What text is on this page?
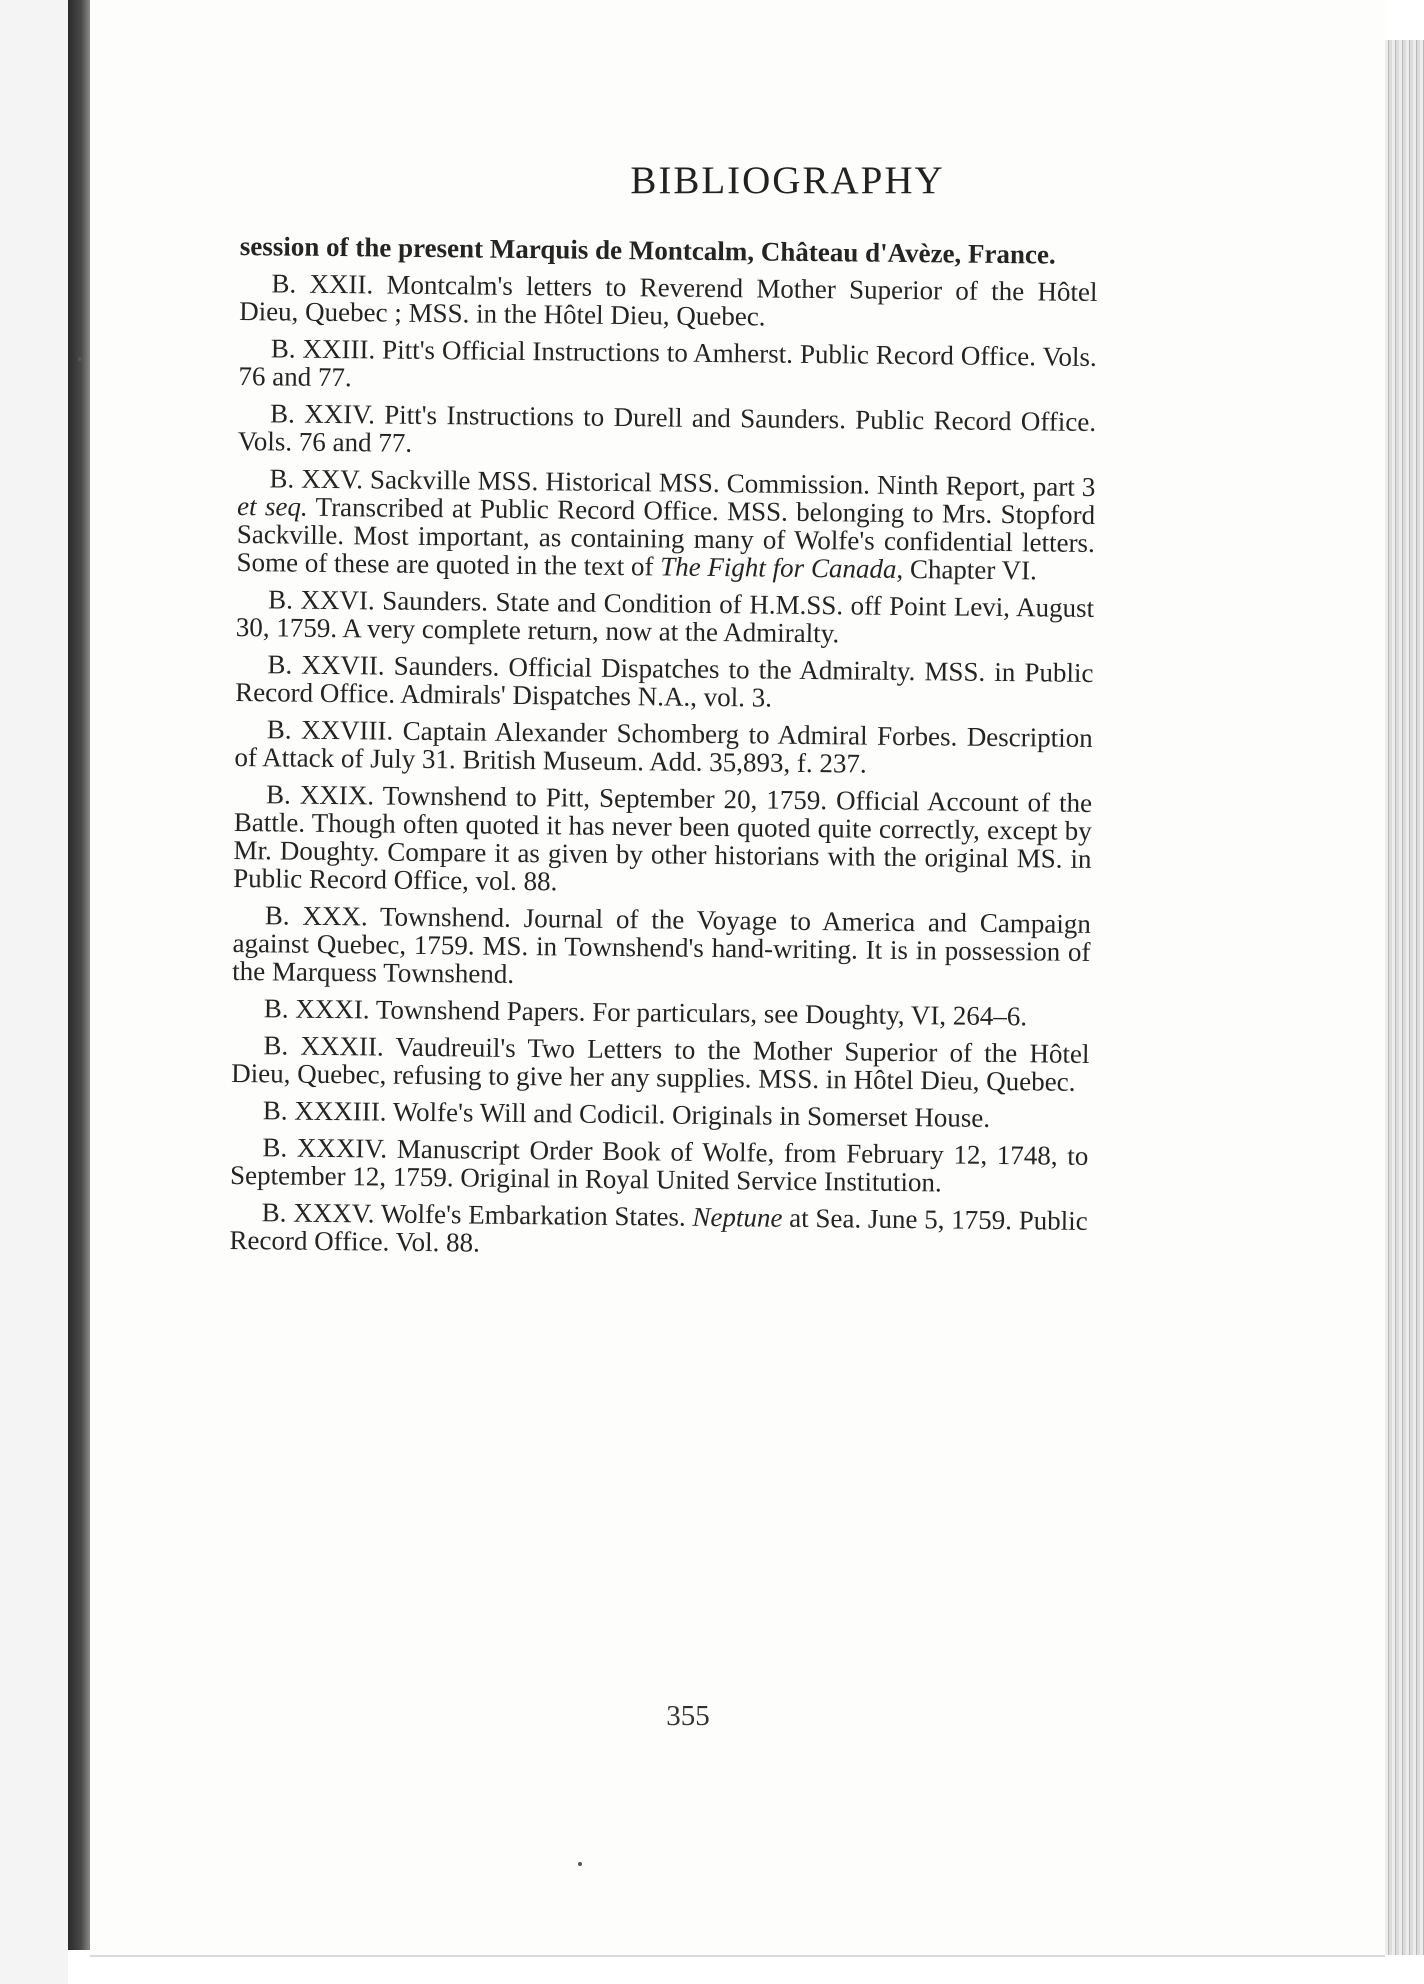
BIBLIOGRAPHY

session of the present Marquis de Montcalm, Château d'Avèze, France.

B. XXII. Montcalm's letters to Reverend Mother Superior of the Hôtel Dieu, Quebec ; MSS. in the Hôtel Dieu, Quebec.

B. XXIII. Pitt's Official Instructions to Amherst. Public Record Office. Vols. 76 and 77.

B. XXIV. Pitt's Instructions to Durell and Saunders. Public Record Office. Vols. 76 and 77.

B. XXV. Sackville MSS. Historical MSS. Commission. Ninth Report, part 3 et seq. Transcribed at Public Record Office. MSS. belonging to Mrs. Stopford Sackville. Most important, as containing many of Wolfe's confidential letters. Some of these are quoted in the text of The Fight for Canada, Chapter VI.

B. XXVI. Saunders. State and Condition of H.M.SS. off Point Levi, August 30, 1759. A very complete return, now at the Admiralty.

B. XXVII. Saunders. Official Dispatches to the Admiralty. MSS. in Public Record Office. Admirals' Dispatches N.A., vol. 3.

B. XXVIII. Captain Alexander Schomberg to Admiral Forbes. Description of Attack of July 31. British Museum. Add. 35,893, f. 237.

B. XXIX. Townshend to Pitt, September 20, 1759. Official Account of the Battle. Though often quoted it has never been quoted quite correctly, except by Mr. Doughty. Compare it as given by other historians with the original MS. in Public Record Office, vol. 88.

B. XXX. Townshend. Journal of the Voyage to America and Campaign against Quebec, 1759. MS. in Townshend's hand-writing. It is in possession of the Marquess Townshend.

B. XXXI. Townshend Papers. For particulars, see Doughty, VI, 264–6.

B. XXXII. Vaudreuil's Two Letters to the Mother Superior of the Hôtel Dieu, Quebec, refusing to give her any supplies. MSS. in Hôtel Dieu, Quebec.

B. XXXIII. Wolfe's Will and Codicil. Originals in Somerset House.

B. XXXIV. Manuscript Order Book of Wolfe, from February 12, 1748, to September 12, 1759. Original in Royal United Service Institution.

B. XXXV. Wolfe's Embarkation States. Neptune at Sea. June 5, 1759. Public Record Office. Vol. 88.

355
